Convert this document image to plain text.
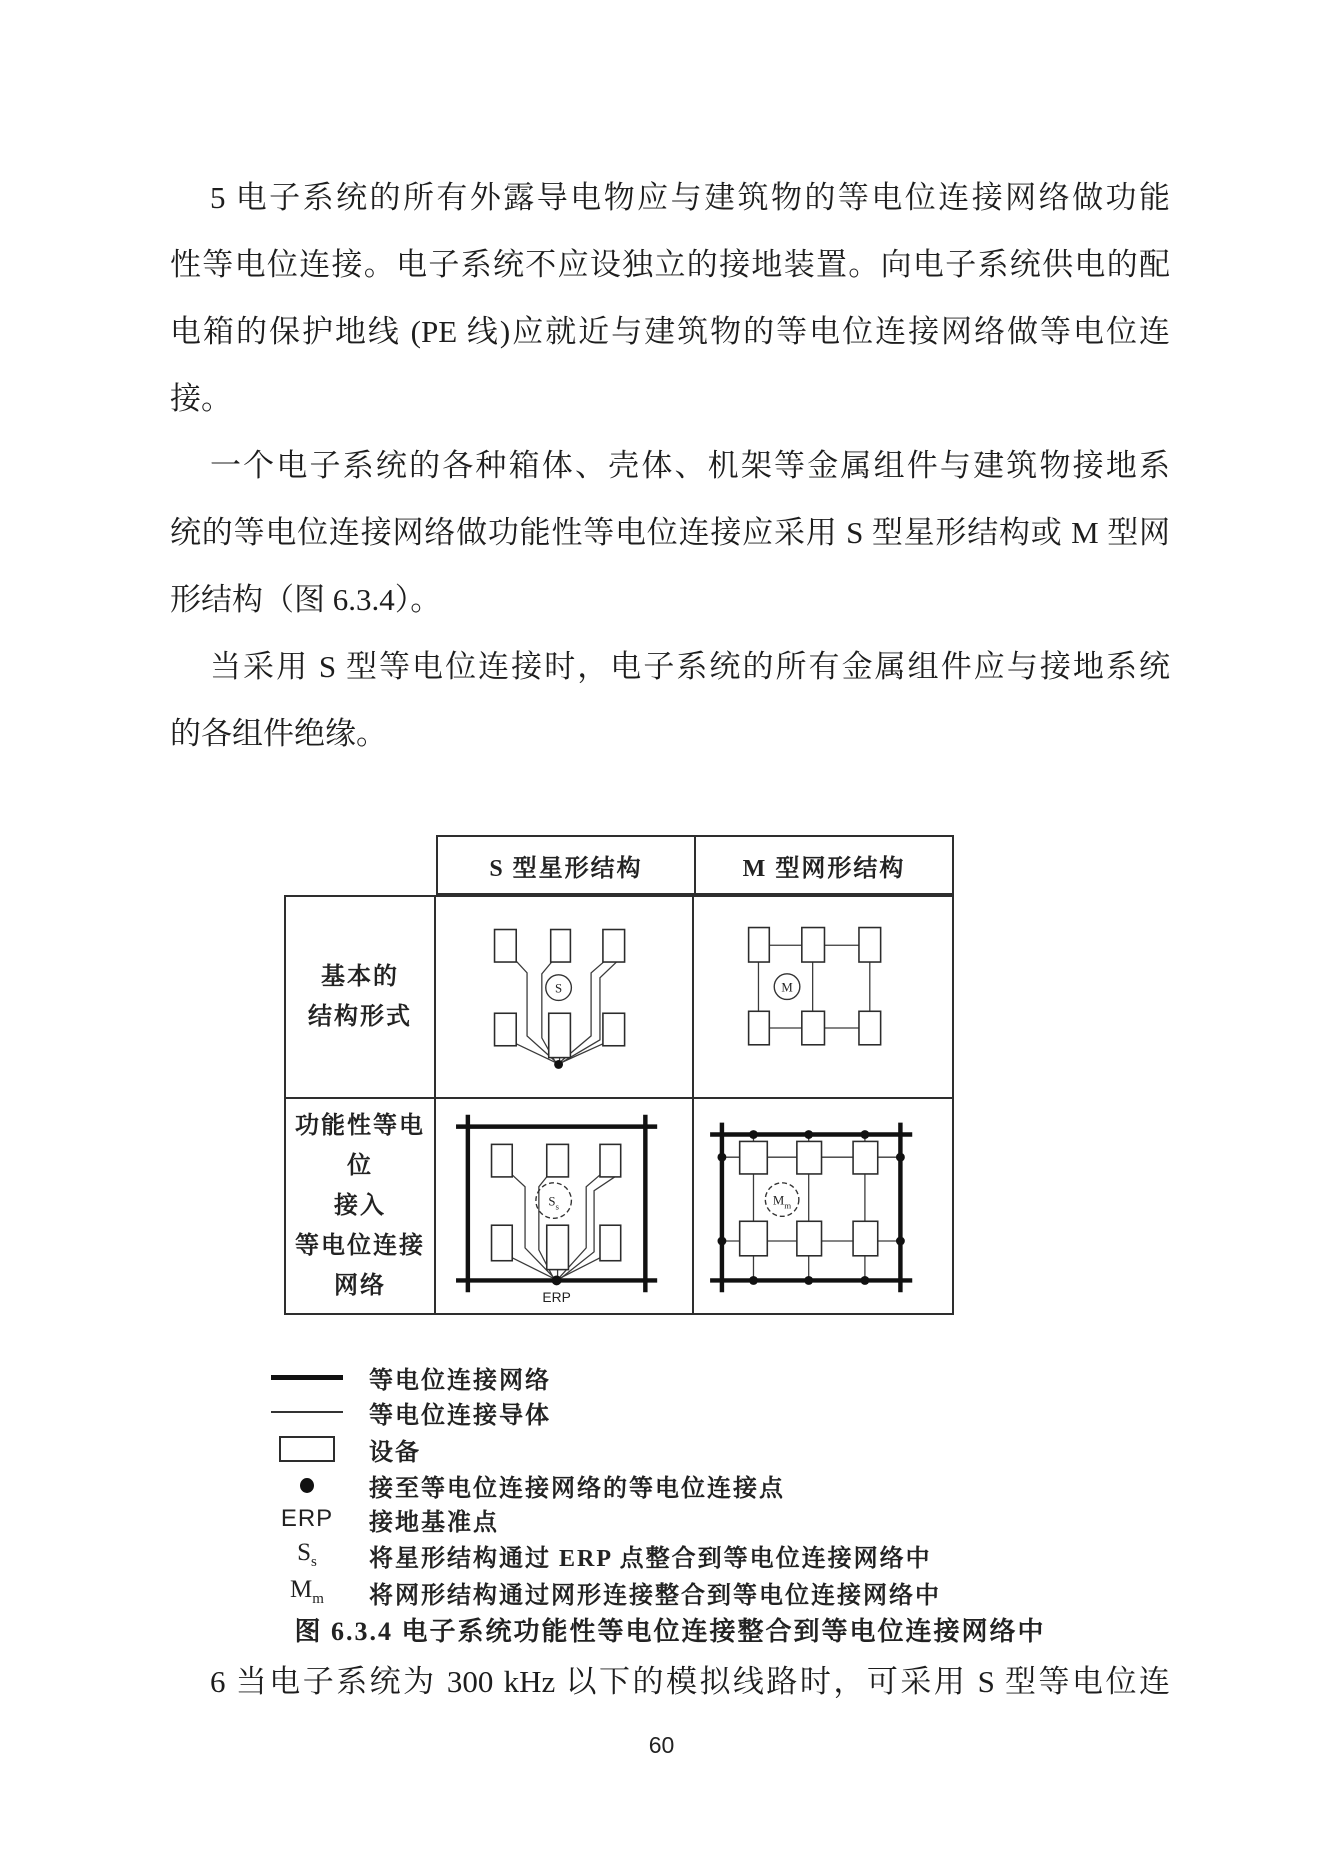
5 电子系统的所有外露导电物应与建筑物的等电位连接网络做功能
性等电位连接。电子系统不应设独立的接地装置。向电子系统供电的配
电箱的保护地线 (PE 线)应就近与建筑物的等电位连接网络做等电位连
接。
一个电子系统的各种箱体、壳体、机架等金属组件与建筑物接地系
统的等电位连接网络做功能性等电位连接应采用 S 型星形结构或 M 型网
形结构（图 6.3.4）。
当采用 S 型等电位连接时，电子系统的所有金属组件应与接地系统
的各组件绝缘。
S 型星形结构	M 型网形结构
基本的
结构形式
S	M
功能性等电位
接入
等电位连接网络
$S_s$
ERP
$M_m$
等电位连接网络
等电位连接导体
设备
接至等电位连接网络的等电位连接点
ERP 接地基准点
$S_s$ 将星形结构通过 ERP 点整合到等电位连接网络中
$M_m$ 将网形结构通过网形连接整合到等电位连接网络中
图 6.3.4 电子系统功能性等电位连接整合到等电位连接网络中
6 当电子系统为 300 kHz 以下的模拟线路时，可采用 S 型等电位连
60
